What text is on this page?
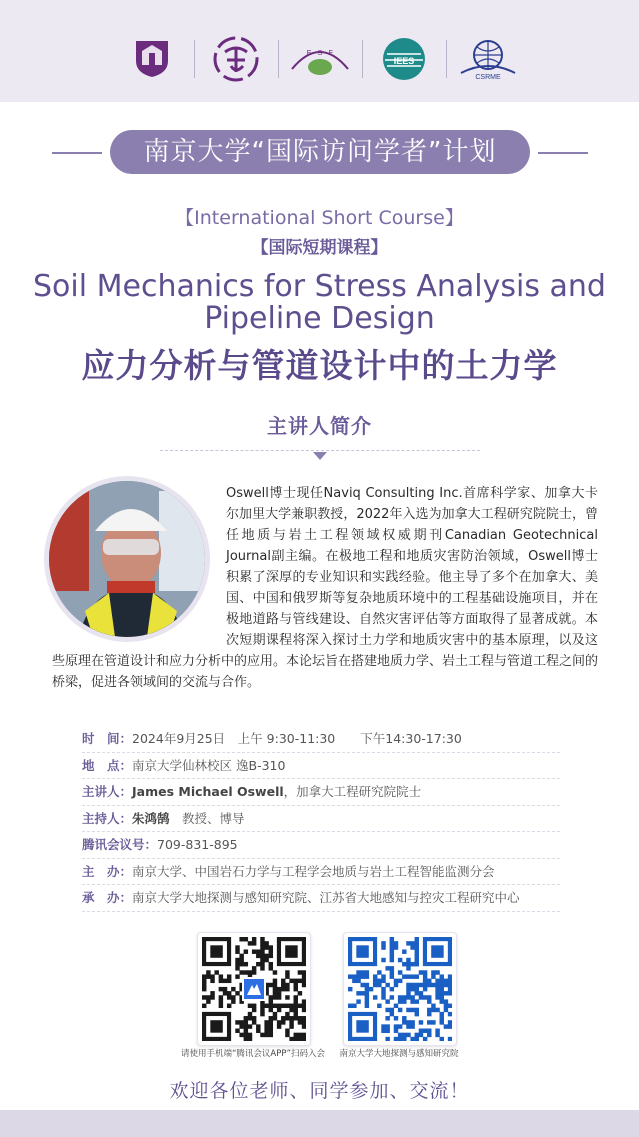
E · S · E
IEES
CSRME
南京大学“国际访问学者”计划
【International Short Course】
【国际短期课程】
Soil Mechanics for Stress Analysis and Pipeline Design
应力分析与管道设计中的土力学
主讲人简介
Oswell博士现任Naviq Consulting Inc.首席科学家、加拿大卡尔加里大学兼职教授，2022年入选为加拿大工程研究院院士，曾任地质与岩土工程领域权威期刊Canadian Geotechnical Journal副主编。在极地工程和地质灾害防治领域，Oswell博士积累了深厚的专业知识和实践经验。他主导了多个在加拿大、美国、中国和俄罗斯等复杂地质环境中的工程基础设施项目，并在极地道路与管线建设、自然灾害评估等方面取得了显著成就。本次短期课程将深入探讨土力学和地质灾害中的基本原理，以及这些原理在管道设计和应力分析中的应用。本论坛旨在搭建地质力学、岩土工程与管道工程之间的桥梁，促进各领域间的交流与合作。
时　间：2024年9月25日　上午 9:30-11:30　　下午14:30-17:30
地　点：南京大学仙林校区 逸B-310
主讲人：James Michael Oswell，加拿大工程研究院院士
主持人：朱鸿鹄　教授、博导
腾讯会议号：709-831-895
主　办：南京大学、中国岩石力学与工程学会地质与岩土工程智能监测分会
承　办：南京大学大地探测与感知研究院、江苏省大地感知与控灾工程研究中心
请使用手机端“腾讯会议APP”扫码入会	南京大学大地探测与感知研究院
欢迎各位老师、同学参加、交流！
